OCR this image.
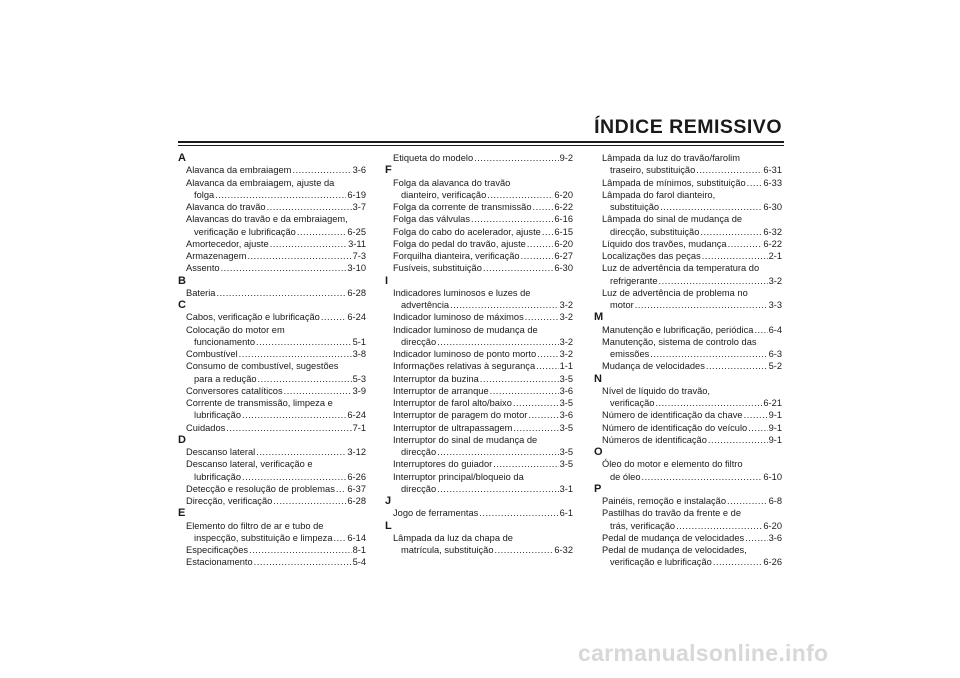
ÍNDICE REMISSIVO
A
Alavanca da embraiagem .....	3-6
Alavanca da embraiagem, ajuste da
folga .....	6-19
Alavanca do travão .....	3-7
Alavancas do travão e da embraiagem,
verificação e lubrificação .....	6-25
Amortecedor, ajuste .....	3-11
Armazenagem .....	7-3
Assento .....	3-10
B
Bateria .....	6-28
C
Cabos, verificação e lubrificação .....	6-24
Colocação do motor em
funcionamento .....	5-1
Combustível .....	3-8
Consumo de combustível, sugestões
para a redução .....	5-3
Conversores catalíticos .....	3-9
Corrente de transmissão, limpeza e
lubrificação .....	6-24
Cuidados .....	7-1
D
Descanso lateral .....	3-12
Descanso lateral, verificação e
lubrificação .....	6-26
Detecção e resolução de problemas ..... 6-37
Direcção, verificação .....	6-28
E
Elemento do filtro de ar e tubo de
inspecção, substituição e limpeza ..... 6-14
Especificações .....	8-1
Estacionamento .....	5-4
Etiqueta do modelo .....	9-2
F
Folga da alavanca do travão
dianteiro, verificação .....	6-20
Folga da corrente de transmissão ..... 6-22
Folga das válvulas .....	6-16
Folga do cabo do acelerador, ajuste ..... 6-15
Folga do pedal do travão, ajuste .....	6-20
Forquilha dianteira, verificação .....	6-27
Fusíveis, substituição .....	6-30
I
Indicadores luminosos e luzes de
advertência .....	3-2
Indicador luminoso de máximos .....	3-2
Indicador luminoso de mudança de
direcção .....	3-2
Indicador luminoso de ponto morto .....	3-2
Informações relativas à segurança .....	1-1
Interruptor da buzina .....	3-5
Interruptor de arranque .....	3-6
Interruptor de farol alto/baixo .....	3-5
Interruptor de paragem do motor .....	3-6
Interruptor de ultrapassagem .....	3-5
Interruptor do sinal de mudança de
direcção .....	3-5
Interruptores do guiador .....	3-5
Interruptor principal/bloqueio da
direcção .....	3-1
J
Jogo de ferramentas .....	6-1
L
Lâmpada da luz da chapa de
matrícula, substituição .....	6-32
Lâmpada da luz do travão/farolim
traseiro, substituição .....	6-31
Lâmpada de mínimos, substituição ..... 6-33
Lâmpada do farol dianteiro,
substituição .....	6-30
Lâmpada do sinal de mudança de
direcção, substituição .....	6-32
Líquido dos travões, mudança .....	6-22
Localizações das peças .....	2-1
Luz de advertência da temperatura do
refrigerante .....	3-2
Luz de advertência de problema no
motor .....	3-3
M
Manutenção e lubrificação, periódica ..... 6-4
Manutenção, sistema de controlo das
emissões .....	6-3
Mudança de velocidades .....	5-2
N
Nível de líquido do travão,
verificação .....	6-21
Número de identificação da chave .....	9-1
Número de identificação do veículo ..... 9-1
Números de identificação .....	9-1
O
Óleo do motor e elemento do filtro
de óleo .....	6-10
P
Painéis, remoção e instalação .....	6-8
Pastilhas do travão da frente e de
trás, verificação .....	6-20
Pedal de mudança de velocidades .....	3-6
Pedal de mudança de velocidades,
verificação e lubrificação .....	6-26
carmanualsonline.info
